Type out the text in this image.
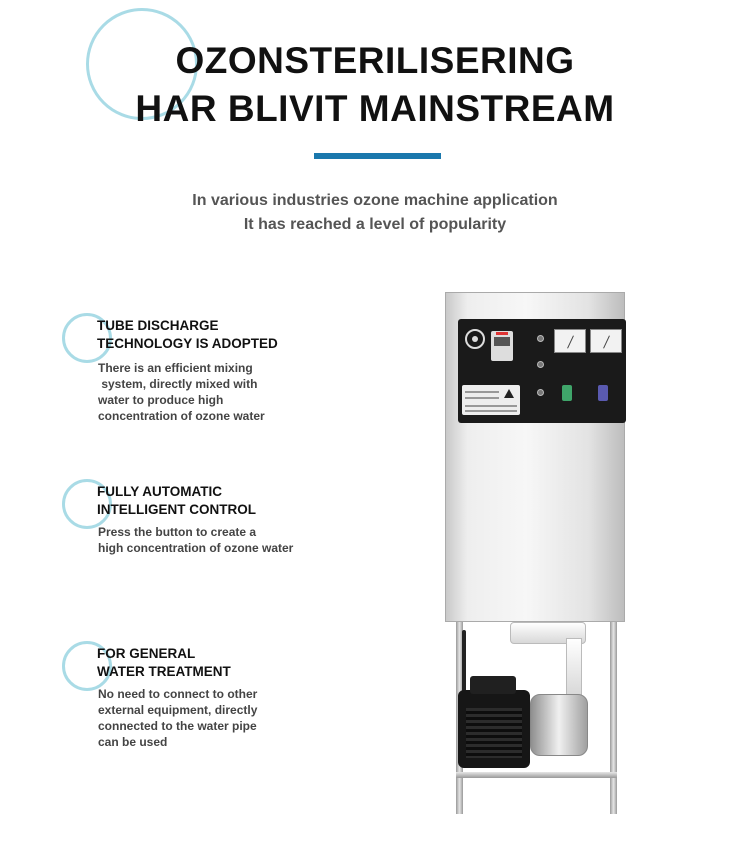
OZONSTERILISERING
HAR BLIVIT MAINSTREAM
In various industries ozone machine application
It has reached a level of popularity
TUBE DISCHARGE
TECHNOLOGY IS ADOPTED
There is an efficient mixing
system, directly mixed with
water to produce high
concentration of ozone water
FULLY AUTOMATIC
INTELLIGENT CONTROL
Press the button to create a
high concentration of ozone water
FOR GENERAL
WATER TREATMENT
No need to connect to other
external equipment, directly
connected to the water pipe
can be used
